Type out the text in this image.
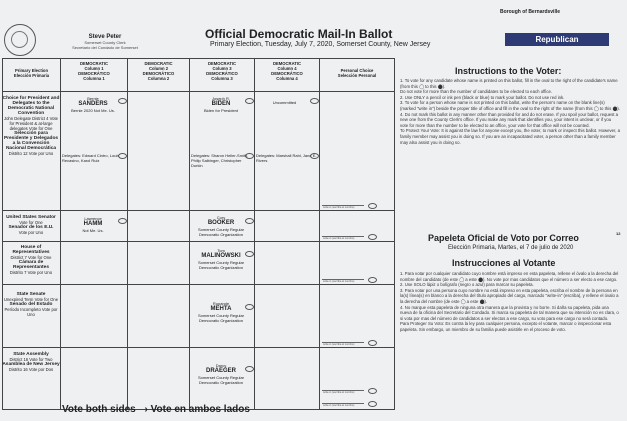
Steve Peter
Somerset County Clerk
Secretario del Condado de Somerset
Official Democratic Mail-In Ballot
Primary Election, Tuesday, July 7, 2020, Somerset County, New Jersey
Borough of Bernardsville
Republican
Primary Election
Elección Primaria
DEMOCRATIC
Column 1
DEMOCRÁTICO
Columna 1
DEMOCRATIC
Column 2
DEMOCRÁTICO
Columna 2
DEMOCRATIC
Column 3
DEMOCRÁTICO
Columna 3
DEMOCRATIC
Column 4
DEMOCRÁTICO
Columna 4
Personal Choice
Selección Personal
Choice for President and Delegates to the Democratic National Convention
John Delegate District 4 Vote for President & at-large delegates Vote for One
Selección para Presidente y Delegados a la Convención Nacional Democrática
Distrito 12 Vote por Uno
United States Senator
Vote for One
Senador de los E.U.
Vote por Uno
House of Representatives
District 7 Vote for One
Cámara de Representantes
Distrito 7 Vote por Uno
State Senate
Unexpired Term Vote for One
Senado del Estado
Período Incompleto Vote por Uno
State Assembly
District 16 Vote for Two
Asamblea de New Jersey
Distrito 16 Vote por Dos
Bernie
SANDERS
Bernie 2020 Not Me. Us.
Delegates: Edward Cintro, Louis Recasino, Karol Ruiz
Joseph R.
BIDEN
Biden for President
Delegates: Sharon Heller-Smith, Philip Salbinger, Christopher Durkin
Uncommitted
Delegates: Marshall Rahl, Jane E. Rivers
write-in (escriba el nombre)
Lawrence
HAMM
Not Me. Us.
Cory
BOOKER
Somerset County Regular Democratic Organization
write-in (escriba el nombre)
Tom
MALINOWSKI
Somerset County Regular Democratic Organization
write-in (escriba el nombre)
Rupande
MEHTA
Somerset County Regular Democratic Organization
write-in (escriba el nombre)
Darcy
DRAEGER
Somerset County Regular Democratic Organization
write-in (escriba el nombre)
write-in (escriba el nombre)
Vote both sides › Vote en ambos lados
Instructions to the Voter:
1. To vote for any candidate whose name is printed on this ballot, fill in the oval to the right of the candidate's name (from this ◯ to this ⬤).
Do not vote for more than the number of candidates to be elected to each office.
2. Use ONLY a pencil or ink pen (black or blue) to mark your ballot. Do not use red ink.
3. To vote for a person whose name is not printed on this ballot, write the person's name on the blank line(s) (marked "write in") beside the proper title of office and fill in the oval to the right of the name (from this ◯ to this ⬤).
4. Do not mark this ballot in any manner other than provided for and do not erase. If you spoil your ballot, request a new one from the County Clerk's office. If you make any mark that identifies you, your intent is unclear, or if you vote for more than the number to be elected to an office, your vote for that office will not be counted.
To Protect Your Vote: It is against the law for anyone except you, the voter, to mark or inspect this ballot. However, a family member may assist you in doing so. If you are an incapacitated voter, a person other than a family member may also assist you in doing so.
Papeleta Oficial de Voto por Correo
Elección Primaria, Martes, el 7 de julio de 2020
Instrucciones al Votante
1. Para votar por cualquier candidato cuyo nombre está impreso en esta papeleta, rellene el óvalo a la derecha del nombre del candidato (de este ◯ a este ⬤). No vote por mas candidatos que el número a ser electo a ese cargo.
2. Use SOLO lápiz o bolígrafo (negro o azul) para marcar su papeleta.
3. Para votar por una persona cuyo nombre no está impreso en esta papeleta, escriba el nombre de la persona en la(s) línea(s) en blanco a la derecha del título apropiado del cargo, marcado "write-in" (escriba), y rellene el óvalo a la derecha del nombre (de este ◯ a este ⬤).
4. No marque esta papeleta de ninguna otra manera que la provista y no borre. Si daña su papeleta, pida una nueva de la oficina del Secretario del Condado. Si marca su papeleta de tal manera que su intención no es clara, o si vota por mas del número de candidatos a ser electos a ese cargo, su voto para ese cargo no será contado.
Para Proteger Su Voto: Es contra la ley para cualquier persona, excepto el votante, marcar o inspeccionar esta papeleta. Sin embargo, un miembro de su familia puede asistirle en el proceso de voto.
12
